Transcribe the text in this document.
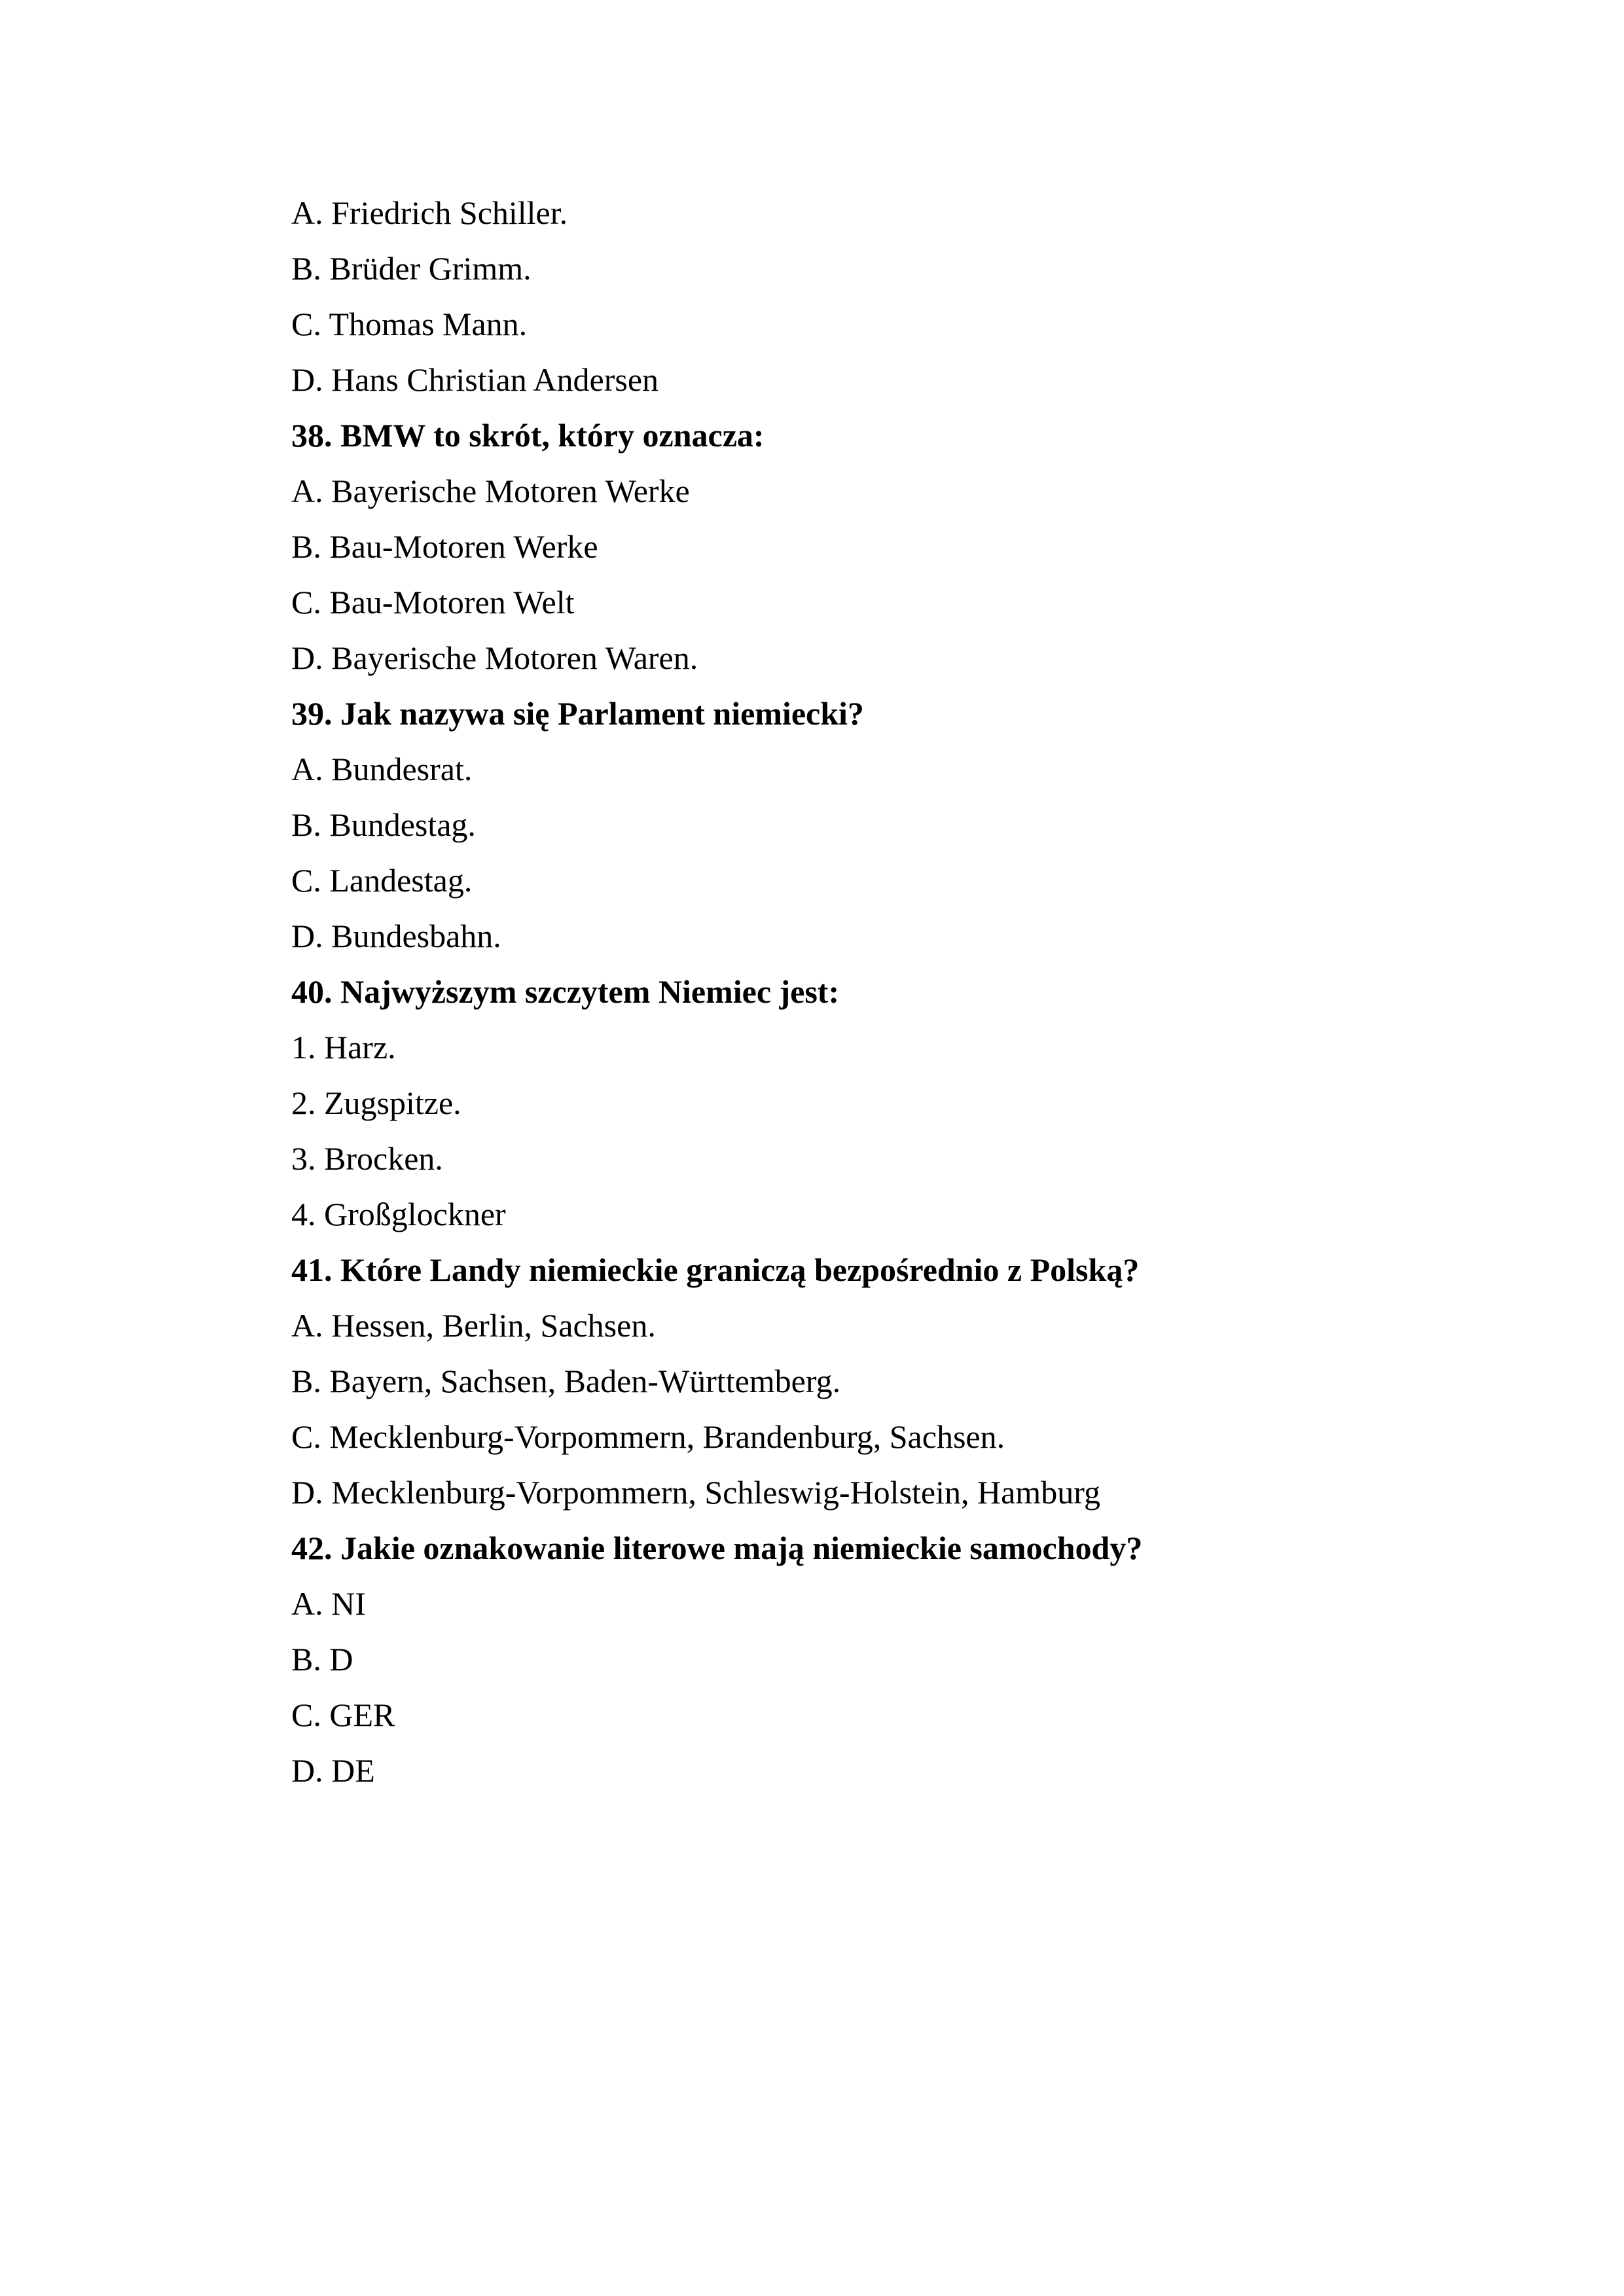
A. Friedrich Schiller.

B. Brüder Grimm.

C. Thomas Mann.

D. Hans Christian Andersen

38. BMW to skrót, który oznacza:

A. Bayerische Motoren Werke

B. Bau-Motoren Werke

C. Bau-Motoren Welt

D. Bayerische Motoren Waren.

39. Jak nazywa się Parlament niemiecki?

A. Bundesrat.

B. Bundestag.

C. Landestag.

D. Bundesbahn.

40. Najwyższym szczytem Niemiec jest:

1. Harz.

2. Zugspitze.

3. Brocken.

4. Großglockner

41. Które Landy niemieckie graniczą bezpośrednio z Polską?

A. Hessen, Berlin, Sachsen.

B. Bayern, Sachsen, Baden-Württemberg.

C. Mecklenburg-Vorpommern, Brandenburg, Sachsen.

D. Mecklenburg-Vorpommern, Schleswig-Holstein, Hamburg

42. Jakie oznakowanie literowe mają niemieckie samochody?

A. NI

B. D

C. GER

D. DE
